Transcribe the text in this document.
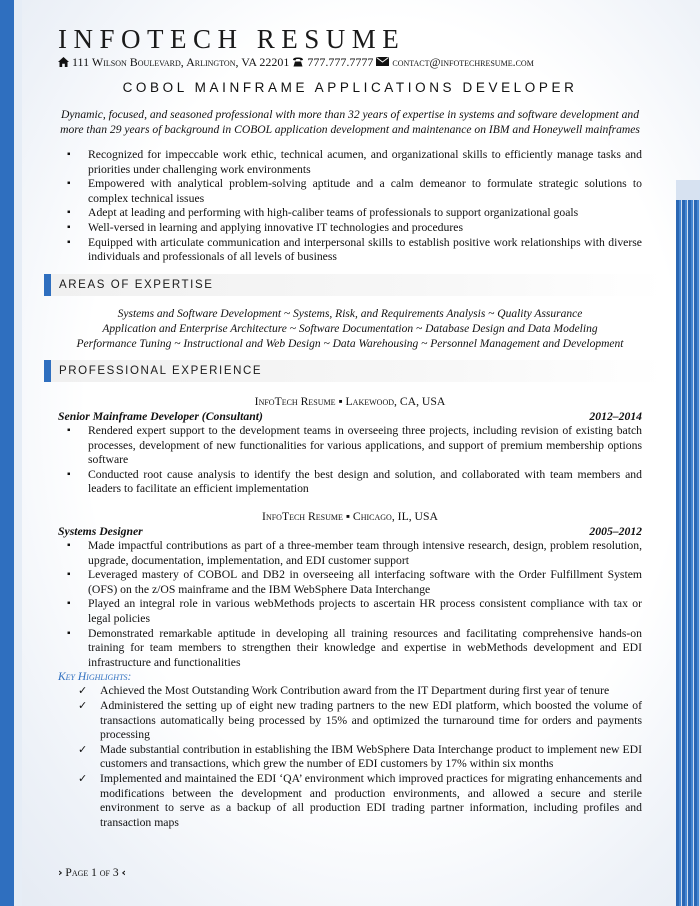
INFOTECH RESUME
111 Wilson Boulevard, Arlington, VA 22201 777.777.7777 contact@infotechresume.com
COBOL MAINFRAME APPLICATIONS DEVELOPER
Dynamic, focused, and seasoned professional with more than 32 years of expertise in systems and software development and more than 29 years of background in COBOL application development and maintenance on IBM and Honeywell mainframes
▪ Recognized for impeccable work ethic, technical acumen, and organizational skills to efficiently manage tasks and priorities under challenging work environments
▪ Empowered with analytical problem-solving aptitude and a calm demeanor to formulate strategic solutions to complex technical issues
▪ Adept at leading and performing with high-caliber teams of professionals to support organizational goals
▪ Well-versed in learning and applying innovative IT technologies and procedures
▪ Equipped with articulate communication and interpersonal skills to establish positive work relationships with diverse individuals and professionals of all levels of business
AREAS OF EXPERTISE
Systems and Software Development ~ Systems, Risk, and Requirements Analysis ~ Quality Assurance
Application and Enterprise Architecture ~ Software Documentation ~ Database Design and Data Modeling
Performance Tuning ~ Instructional and Web Design ~ Data Warehousing ~ Personnel Management and Development
PROFESSIONAL EXPERIENCE
InfoTech Resume ▪ Lakewood, CA, USA
Senior Mainframe Developer (Consultant)	2012–2014
▪ Rendered expert support to the development teams in overseeing three projects, including revision of existing batch processes, development of new functionalities for various applications, and support of premium membership options software
▪ Conducted root cause analysis to identify the best design and solution, and collaborated with team members and leaders to facilitate an efficient implementation
InfoTech Resume ▪ Chicago, IL, USA
Systems Designer	2005–2012
▪ Made impactful contributions as part of a three-member team through intensive research, design, problem resolution, upgrade, documentation, implementation, and EDI customer support
▪ Leveraged mastery of COBOL and DB2 in overseeing all interfacing software with the Order Fulfillment System (OFS) on the z/OS mainframe and the IBM WebSphere Data Interchange
▪ Played an integral role in various webMethods projects to ascertain HR process consistent compliance with tax or legal policies
▪ Demonstrated remarkable aptitude in developing all training resources and facilitating comprehensive hands-on training for team members to strengthen their knowledge and expertise in webMethods development and EDI infrastructure and functionalities
Key Highlights:
✓ Achieved the Most Outstanding Work Contribution award from the IT Department during first year of tenure
✓ Administered the setting up of eight new trading partners to the new EDI platform, which boosted the volume of transactions automatically being processed by 15% and optimized the turnaround time for orders and payments processing
✓ Made substantial contribution in establishing the IBM WebSphere Data Interchange product to implement new EDI customers and transactions, which grew the number of EDI customers by 17% within six months
✓ Implemented and maintained the EDI ‘QA’ environment which improved practices for migrating enhancements and modifications between the development and production environments, and allowed a secure and sterile environment to serve as a backup of all production EDI trading partner information, including profiles and transaction maps
› Page 1 of 3 ‹
